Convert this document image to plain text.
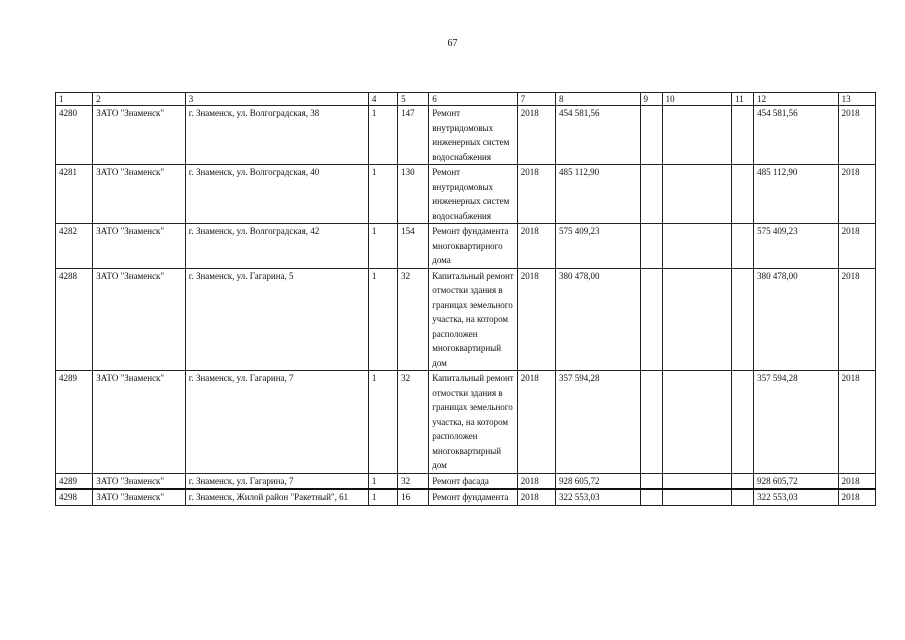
67
1	2	3	4	5	6	7	8	9	10	11	12	13
4280	ЗАТО "Знаменск"	г. Знаменск, ул. Волгоградская, 38	1	147	Ремонт внутридомовых инженерных систем водоснабжения	2018	454 581,56				454 581,56	2018
4281	ЗАТО "Знаменск"	г. Знаменск, ул. Волгоградская, 40	1	130	Ремонт внутридомовых инженерных систем водоснабжения	2018	485 112,90				485 112,90	2018
4282	ЗАТО "Знаменск"	г. Знаменск, ул. Волгоградская, 42	1	154	Ремонт фундамента многоквартирного дома	2018	575 409,23				575 409,23	2018
4288	ЗАТО "Знаменск"	г. Знаменск, ул. Гагарина, 5	1	32	Капитальный ремонт отмостки здания в границах земельного участка, на котором расположен многоквартирный дом	2018	380 478,00				380 478,00	2018
4289	ЗАТО "Знаменск"	г. Знаменск, ул. Гагарина, 7	1	32	Капитальный ремонт отмостки здания в границах земельного участка, на котором расположен многоквартирный дом	2018	357 594,28				357 594,28	2018
4289	ЗАТО "Знаменск"	г. Знаменск, ул. Гагарина, 7	1	32	Ремонт фасада	2018	928 605,72				928 605,72	2018
4298	ЗАТО "Знаменск"	г. Знаменск, Жилой район "Ракетный", 61	1	16	Ремонт фундамента	2018	322 553,03				322 553,03	2018
